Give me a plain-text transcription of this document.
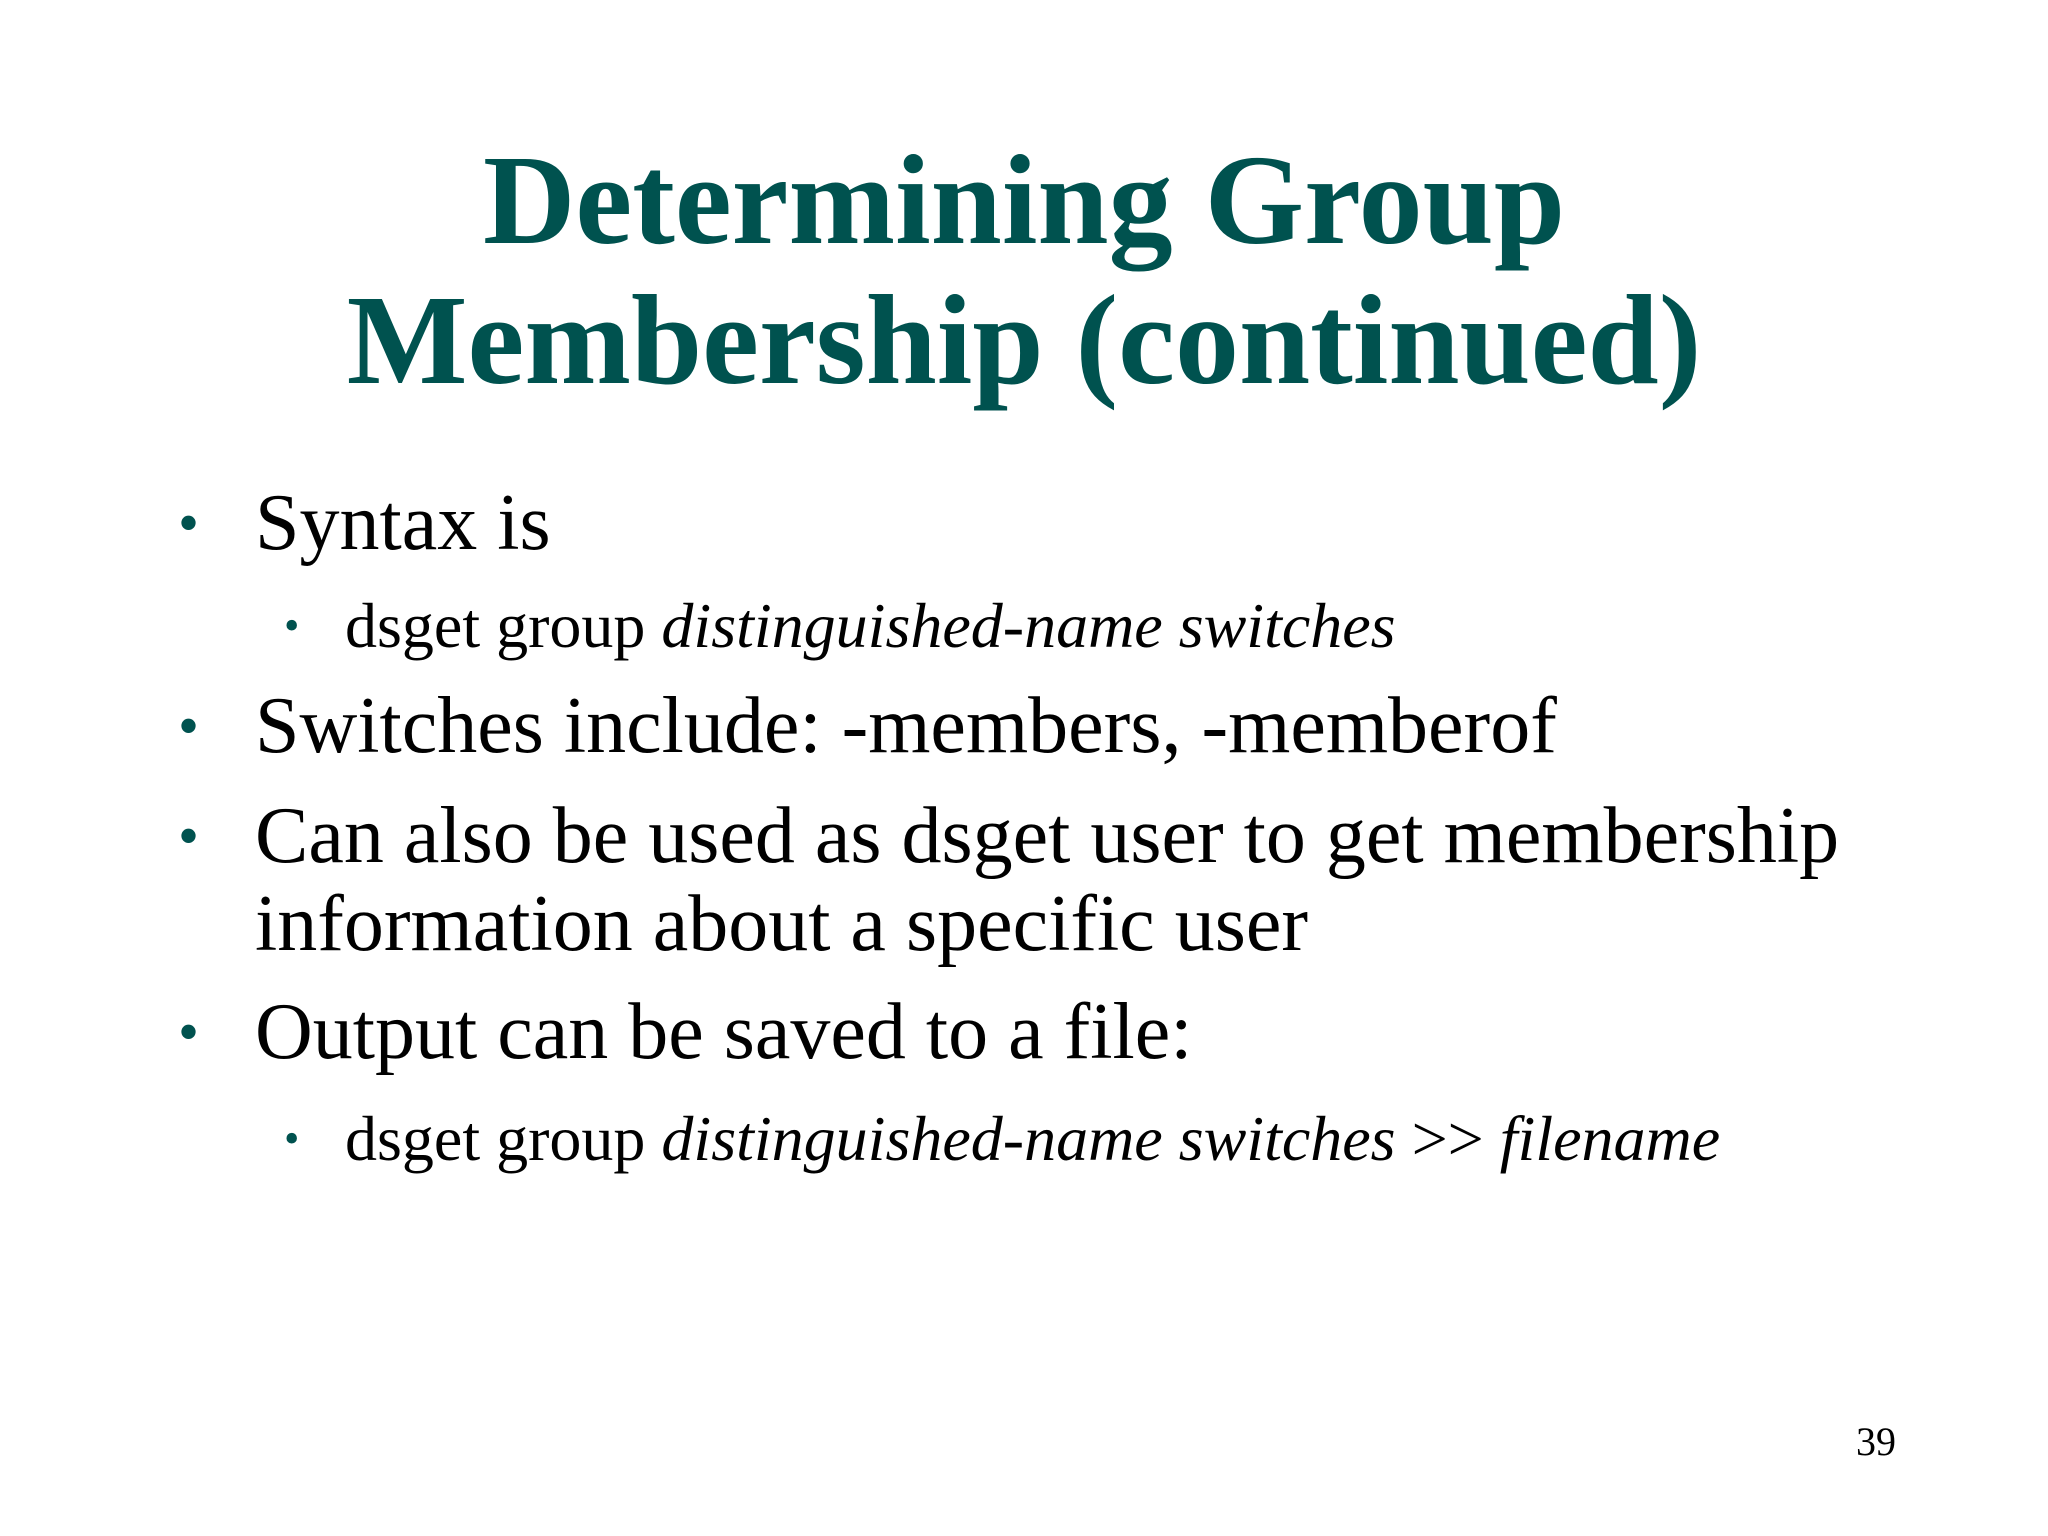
Determining Group
Membership (continued)
• Syntax is
• dsget group distinguished-name switches
• Switches include: -members, -memberof
• Can also be used as dsget user to get membership
information about a specific user
• Output can be saved to a file:
• dsget group distinguished-name switches >> filename
39
